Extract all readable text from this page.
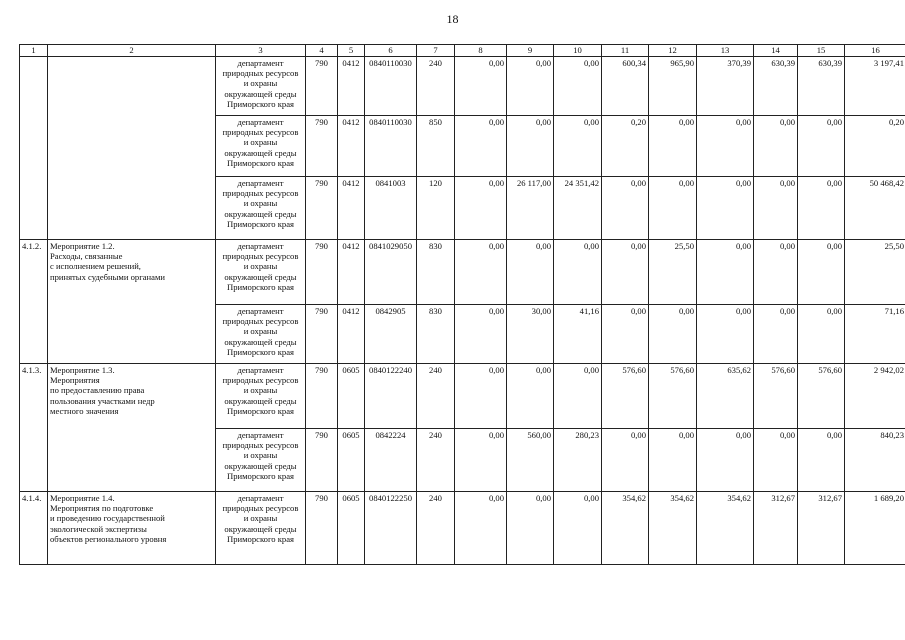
18
1	2	3	4	5	6	7	8	9	10	11	12	13	14	15	16
		департамент
природных ресурсов
и охраны
окружающей среды
Приморского края	790	0412	0840110030	240	0,00	0,00	0,00	600,34	965,90	370,39	630,39	630,39	3 197,41
		департамент
природных ресурсов
и охраны
окружающей среды
Приморского края	790	0412	0840110030	850	0,00	0,00	0,00	0,20	0,00	0,00	0,00	0,00	0,20
		департамент
природных ресурсов
и охраны
окружающей среды
Приморского края	790	0412	0841003	120	0,00	26 117,00	24 351,42	0,00	0,00	0,00	0,00	0,00	50 468,42
4.1.2.	Мероприятие 1.2.
Расходы, связанные
с исполнением решений,
принятых судебными органами	департамент
природных ресурсов
и охраны
окружающей среды
Приморского края	790	0412	0841029050	830	0,00	0,00	0,00	0,00	25,50	0,00	0,00	0,00	25,50
		департамент
природных ресурсов
и охраны
окружающей среды
Приморского края	790	0412	0842905	830	0,00	30,00	41,16	0,00	0,00	0,00	0,00	0,00	71,16
4.1.3.	Мероприятие 1.3.
Мероприятия
по предоставлению права
пользования участками недр
местного значения	департамент
природных ресурсов
и охраны
окружающей среды
Приморского края	790	0605	0840122240	240	0,00	0,00	0,00	576,60	576,60	635,62	576,60	576,60	2 942,02
		департамент
природных ресурсов
и охраны
окружающей среды
Приморского края	790	0605	0842224	240	0,00	560,00	280,23	0,00	0,00	0,00	0,00	0,00	840,23
4.1.4.	Мероприятие 1.4.
Мероприятия по подготовке
и проведению государственной
экологической экспертизы
объектов регионального уровня	департамент
природных ресурсов
и охраны
окружающей среды
Приморского края	790	0605	0840122250	240	0,00	0,00	0,00	354,62	354,62	354,62	312,67	312,67	1 689,20
